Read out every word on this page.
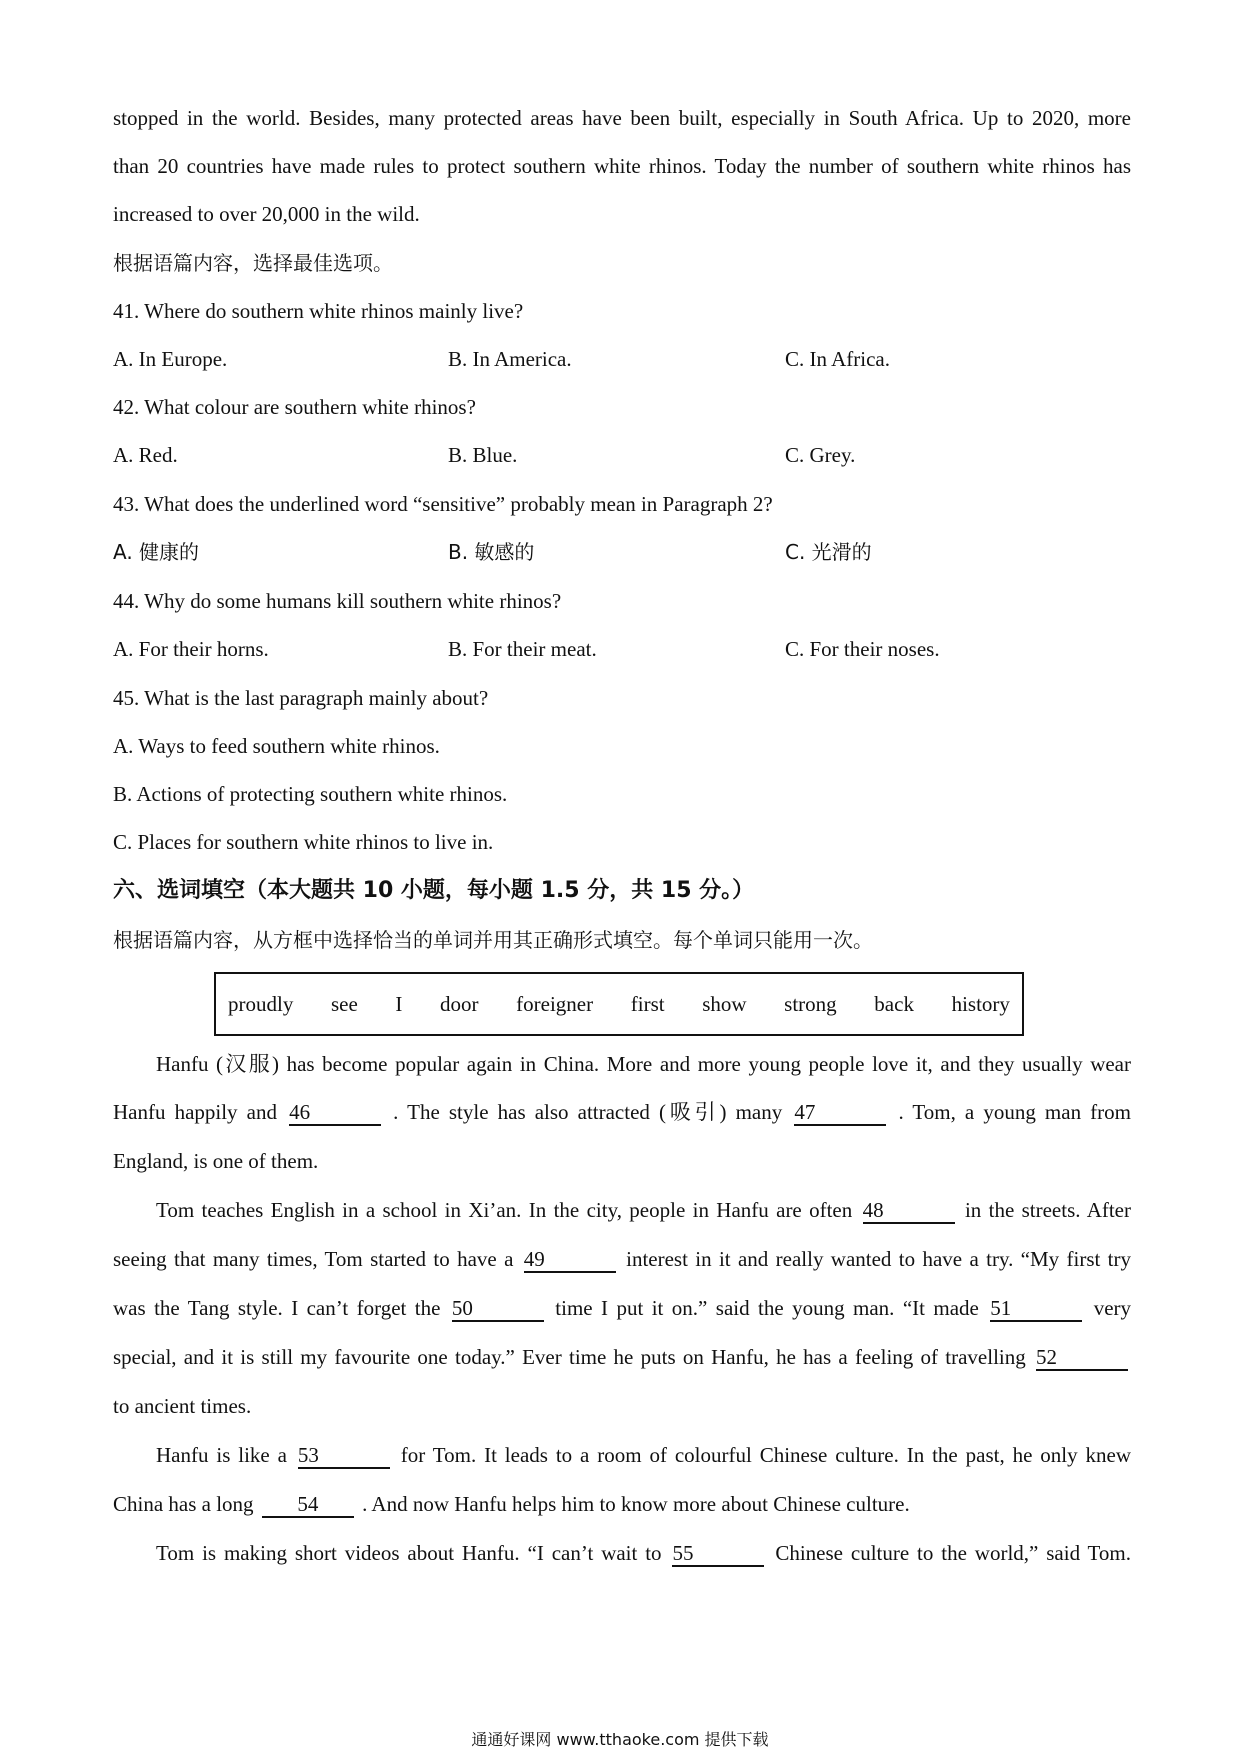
stopped in the world. Besides, many protected areas have been built, especially in South Africa. Up to 2020, more
than 20 countries have made rules to protect southern white rhinos. Today the number of southern white rhinos has
increased to over 20,000 in the wild.
根据语篇内容，选择最佳选项。
41. Where do southern white rhinos mainly live?
A. In Europe.	B. In America.	C. In Africa.
42. What colour are southern white rhinos?
A. Red.	B. Blue.	C. Grey.
43. What does the underlined word “sensitive” probably mean in Paragraph 2?
A. 健康的	B. 敏感的	C. 光滑的
44. Why do some humans kill southern white rhinos?
A. For their horns.	B. For their meat.	C. For their noses.
45. What is the last paragraph mainly about?
A. Ways to feed southern white rhinos.
B. Actions of protecting southern white rhinos.
C. Places for southern white rhinos to live in.
六、选词填空（本大题共 10 小题，每小题 1.5 分，共 15 分。）
根据语篇内容，从方框中选择恰当的单词并用其正确形式填空。每个单词只能用一次。
proudly see I door foreigner first show strong back history
Hanfu (汉服) has become popular again in China. More and more young people love it, and they usually wear
Hanfu happily and 46	. The style has also attracted (吸引) many 47	. Tom, a young man from
England, is one of them.
Tom teaches English in a school in Xi’an. In the city, people in Hanfu are often 48	in the streets. After
seeing that many times, Tom started to have a 49	interest in it and really wanted to have a try. “My first try
was the Tang style. I can’t forget the 50	time I put it on.” said the young man. “It made 51	very
special, and it is still my favourite one today.” Ever time he puts on Hanfu, he has a feeling of travelling 52
to ancient times.
Hanfu is like a 53	for Tom. It leads to a room of colourful Chinese culture. In the past, he only knew
China has a long 54 . And now Hanfu helps him to know more about Chinese culture.
Tom is making short videos about Hanfu. “I can’t wait to 55	Chinese culture to the world,” said Tom.
通通好课网 www.tthaoke.com 提供下载
